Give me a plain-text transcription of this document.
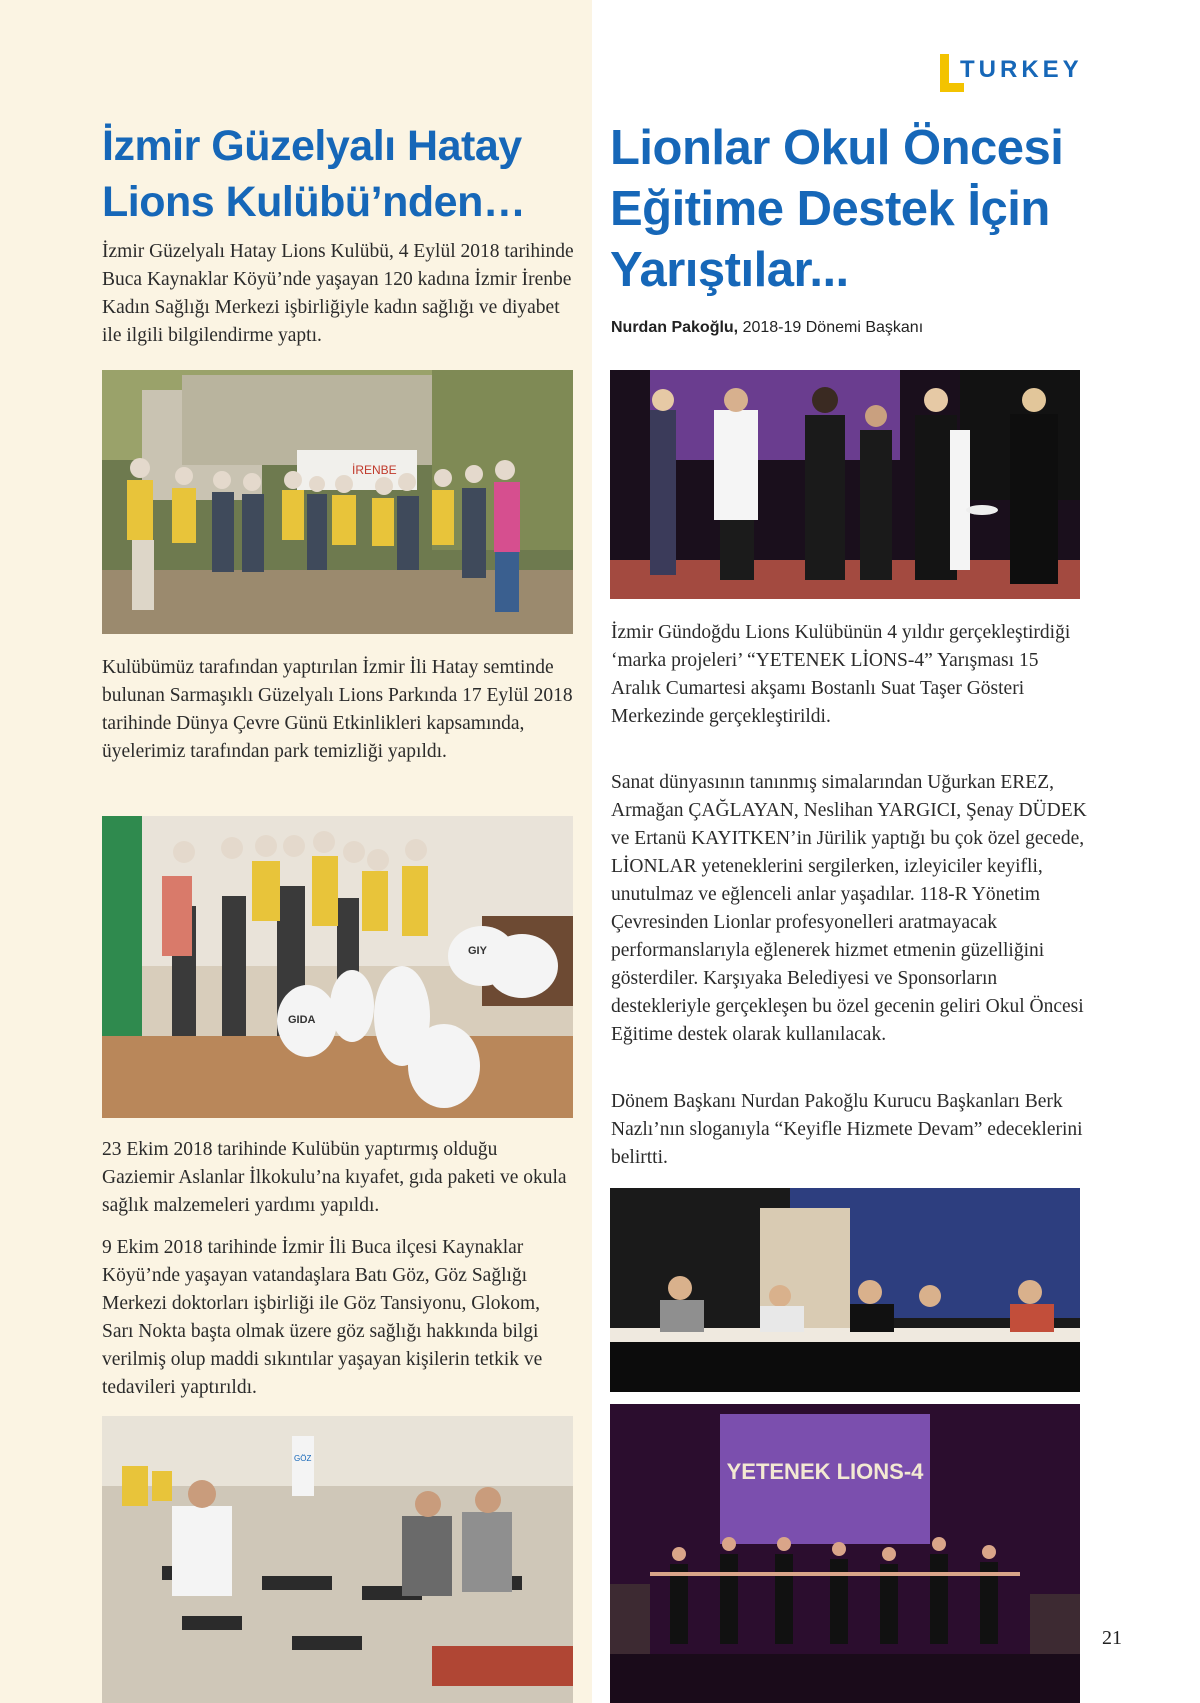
TURKEY
İzmir Güzelyalı Hatay
Lions Kulübü’nden…
Lionlar Okul Öncesi
Eğitime Destek İçin
Yarıştılar...
Nurdan Pakoğlu, 2018-19 Dönemi Başkanı

İzmir Güzelyalı Hatay Lions Kulübü, 4 Eylül 2018 tarihinde Buca Kaynaklar Köyü’nde yaşayan 120 kadına İzmir İrenbe Kadın Sağlığı Merkezi işbirliğiyle kadın sağlığı ve diyabet ile ilgili bilgilendirme yaptı.

İRENBE

Kulübümüz tarafından yaptırılan İzmir İli Hatay semtinde bulunan Sarmaşıklı Güzelyalı Lions Parkında 17 Eylül 2018 tarihinde Dünya Çevre Günü Etkinlikleri kapsamında, üyelerimiz tarafından park temizliği yapıldı.

GIDA
GIY

23 Ekim 2018 tarihinde Kulübün yaptırmış olduğu Gaziemir Aslanlar İlkokulu’na kıyafet, gıda paketi ve okula sağlık malzemeleri yardımı yapıldı.

9 Ekim 2018 tarihinde İzmir İli Buca ilçesi Kaynaklar Köyü’nde yaşayan vatandaşlara Batı Göz, Göz Sağlığı Merkezi doktorları işbirliği ile Göz Tansiyonu, Glokom, Sarı Nokta başta olmak üzere göz sağlığı hakkında bilgi verilmiş olup maddi sıkıntılar yaşayan kişilerin tetkik ve tedavileri yaptırıldı.

GÖZ

İzmir Gündoğdu Lions Kulübünün 4 yıldır gerçekleştirdiği ‘marka projeleri’ “YETENEK LİONS-4” Yarışması 15 Aralık Cumartesi akşamı Bostanlı Suat Taşer Gösteri Merkezinde gerçekleştirildi.

Sanat dünyasının tanınmış simalarından Uğurkan EREZ, Armağan ÇAĞLAYAN, Neslihan YARGICI, Şenay DÜDEK ve Ertanü KAYITKEN’in Jürilik yaptığı bu çok özel gecede, LİONLAR yeteneklerini sergilerken, izleyiciler keyifli, unutulmaz ve eğlenceli anlar yaşadılar. 118-R Yönetim Çevresinden Lionlar profesyonelleri aratmayacak performanslarıyla eğlenerek hizmet etmenin güzelliğini gösterdiler. Karşıyaka Belediyesi ve Sponsorların destekleriyle gerçekleşen bu özel gecenin geliri Okul Öncesi Eğitime destek olarak kullanılacak.

Dönem Başkanı Nurdan Pakoğlu Kurucu Başkanları Berk Nazlı’nın sloganıyla “Keyifle Hizmete Devam” edeceklerini belirtti.

YETENEK LIONS-4
21
